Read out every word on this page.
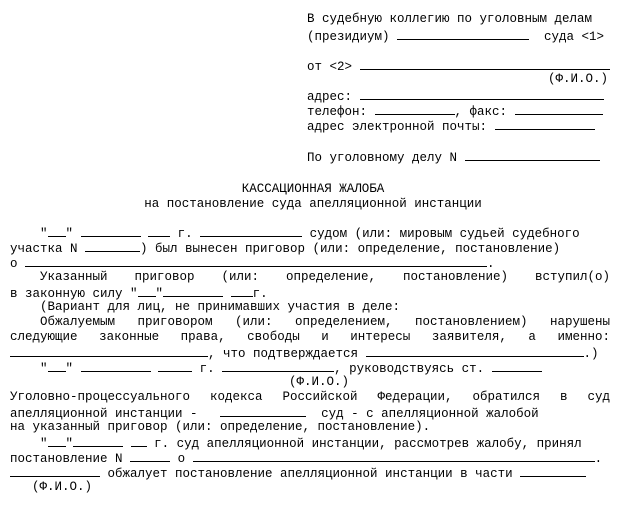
В судебную коллегию по уголовным делам
(президиум)	суда <1>
от <2>
(Ф.И.О.)
адрес:
телефон:	, факс:
адрес электронной почты:
По уголовному делу N
КАССАЦИОННАЯ ЖАЛОБА
на постановление суда апелляционной инстанции
" "	г.	судом (или: мировым судьей судебного
участка N	) был вынесен приговор (или: определение, постановление)
о	.
Указанный приговор (или: определение, постановление) вступил(о)
в законную силу " "	г.
(Вариант для лиц, не принимавших участия в деле:
Обжалуемым приговором (или: определением, постановлением) нарушены
следующие законные права, свободы и интересы заявителя, а именно:
, что подтверждается	.)
" "	г.	, руководствуясь ст.
(Ф.И.О.)
Уголовно-процессуального кодекса Российской Федерации, обратился в суд
апелляционной инстанции -	суд - с апелляционной жалобой
на указанный приговор (или: определение, постановление).
" "	г. суд апелляционной инстанции, рассмотрев жалобу, принял
постановление N	о	.
обжалует постановление апелляционной инстанции в части
(Ф.И.О.)
